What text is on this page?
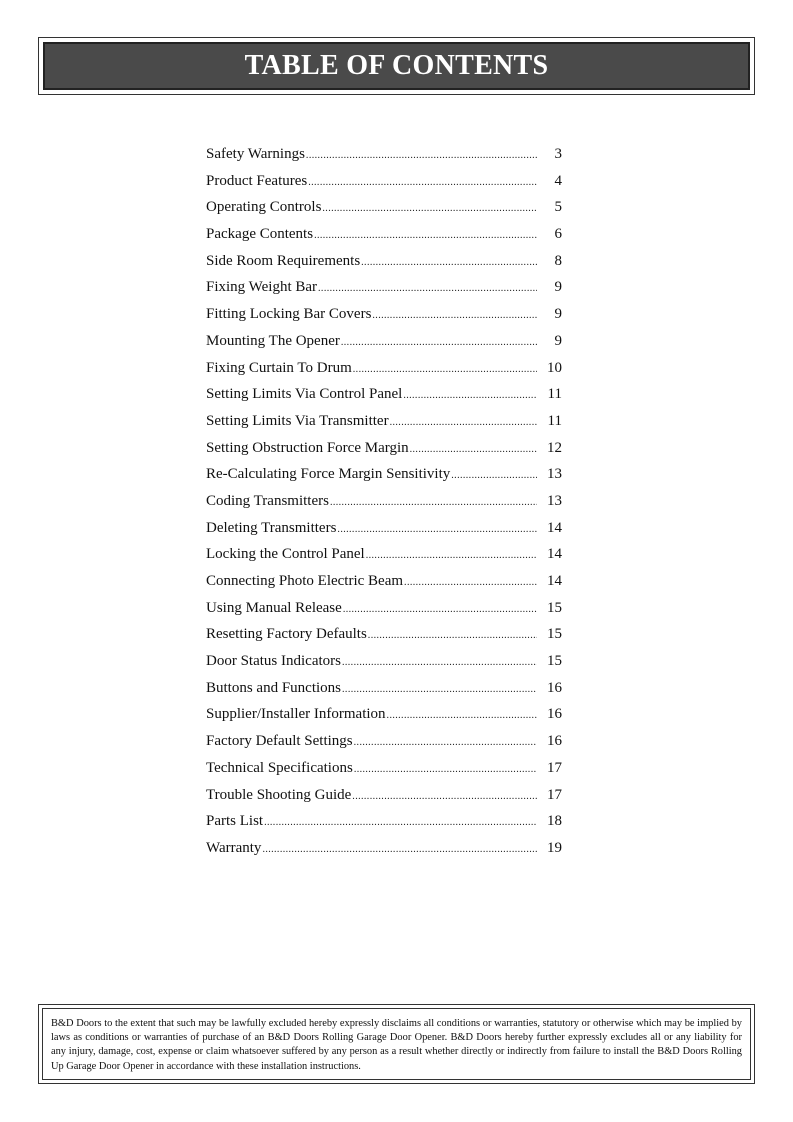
TABLE OF CONTENTS
Safety Warnings .....	3
Product Features .....	4
Operating Controls .....	5
Package Contents .....	6
Side Room Requirements .....	8
Fixing Weight Bar .....	9
Fitting Locking Bar Covers .....	9
Mounting The Opener .....	9
Fixing Curtain To Drum .....	10
Setting Limits Via Control Panel .....	11
Setting Limits Via Transmitter .....	11
Setting Obstruction Force Margin .....	12
Re-Calculating Force Margin Sensitivity .....	13
Coding Transmitters .....	13
Deleting Transmitters .....	14
Locking the Control Panel .....	14
Connecting Photo Electric Beam .....	14
Using Manual Release .....	15
Resetting Factory Defaults .....	15
Door Status Indicators .....	15
Buttons and Functions .....	16
Supplier/Installer Information .....	16
Factory Default Settings .....	16
Technical Specifications .....	17
Trouble Shooting Guide .....	17
Parts List .....	18
Warranty .....	19

B&D Doors to the extent that such may be lawfully excluded hereby expressly disclaims all conditions or warranties, statutory or otherwise which may be implied by laws as conditions or warranties of purchase of an B&D Doors Rolling Garage Door Opener. B&D Doors hereby further expressly excludes all or any liability for any injury, damage, cost, expense or claim whatsoever suffered by any person as a result whether directly or indirectly from failure to install the B&D Doors Rolling Up Garage Door Opener in accordance with these installation instructions.
